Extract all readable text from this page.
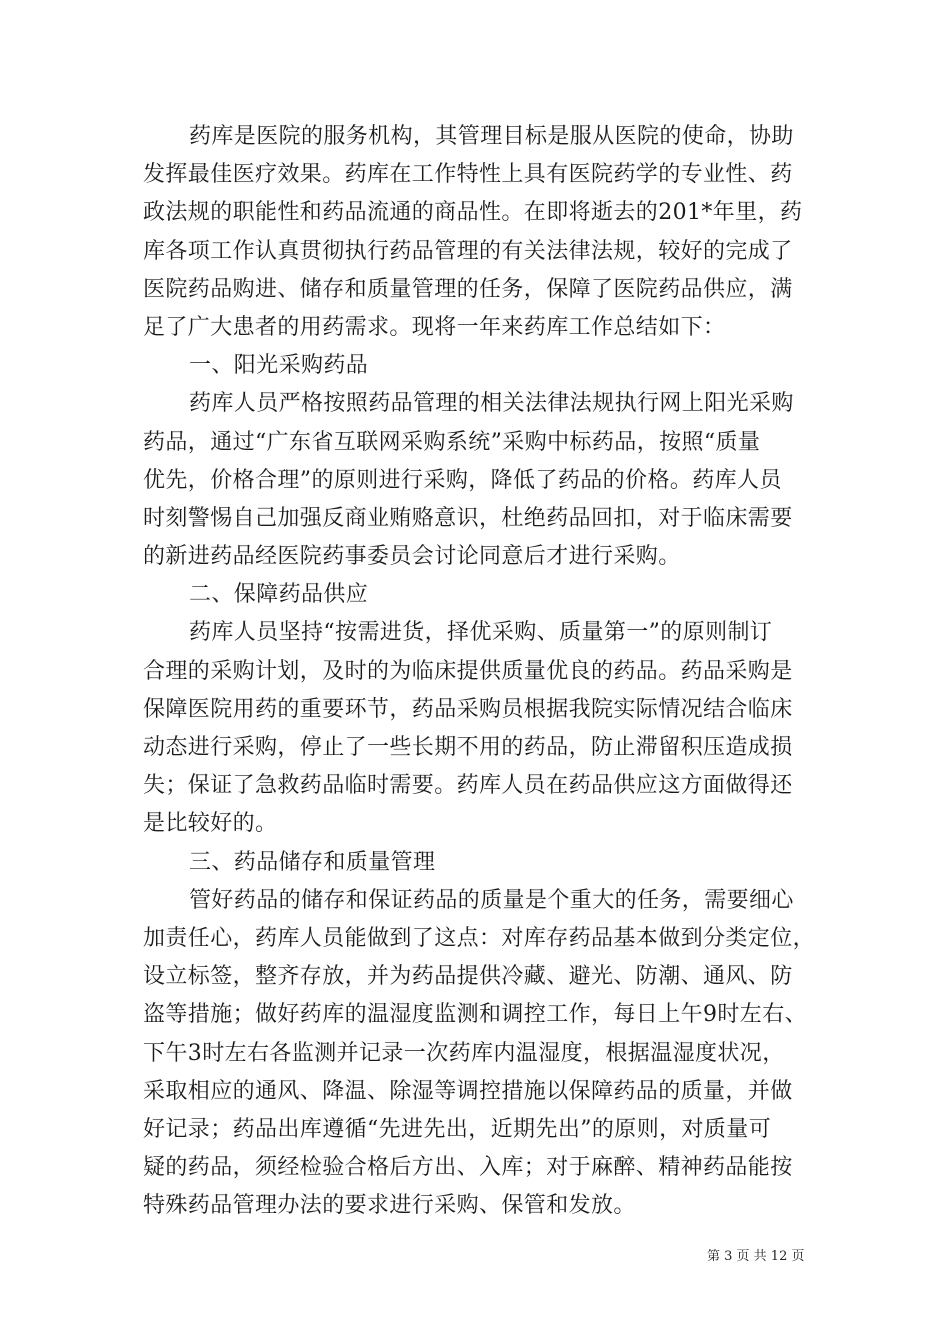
药库是医院的服务机构，其管理目标是服从医院的使命，协助
发挥最佳医疗效果。药库在工作特性上具有医院药学的专业性、药
政法规的职能性和药品流通的商品性。在即将逝去的201*年里，药
库各项工作认真贯彻执行药品管理的有关法律法规，较好的完成了
医院药品购进、储存和质量管理的任务，保障了医院药品供应，满
足了广大患者的用药需求。现将一年来药库工作总结如下：
一、阳光采购药品
药库人员严格按照药品管理的相关法律法规执行网上阳光采购
药品，通过“广东省互联网采购系统”采购中标药品，按照“质量
优先，价格合理”的原则进行采购，降低了药品的价格。药库人员
时刻警惕自己加强反商业贿赂意识，杜绝药品回扣，对于临床需要
的新进药品经医院药事委员会讨论同意后才进行采购。
二、保障药品供应
药库人员坚持“按需进货，择优采购、质量第一”的原则制订
合理的采购计划，及时的为临床提供质量优良的药品。药品采购是
保障医院用药的重要环节，药品采购员根据我院实际情况结合临床
动态进行采购，停止了一些长期不用的药品，防止滞留积压造成损
失；保证了急救药品临时需要。药库人员在药品供应这方面做得还
是比较好的。
三、药品储存和质量管理
管好药品的储存和保证药品的质量是个重大的任务，需要细心
加责任心，药库人员能做到了这点：对库存药品基本做到分类定位，
设立标签，整齐存放，并为药品提供冷藏、避光、防潮、通风、防
盗等措施；做好药库的温湿度监测和调控工作，每日上午9时左右、
下午3时左右各监测并记录一次药库内温湿度，根据温湿度状况，
采取相应的通风、降温、除湿等调控措施以保障药品的质量，并做
好记录；药品出库遵循“先进先出，近期先出”的原则，对质量可
疑的药品，须经检验合格后方出、入库；对于麻醉、精神药品能按
特殊药品管理办法的要求进行采购、保管和发放。
第 3 页 共 12 页
